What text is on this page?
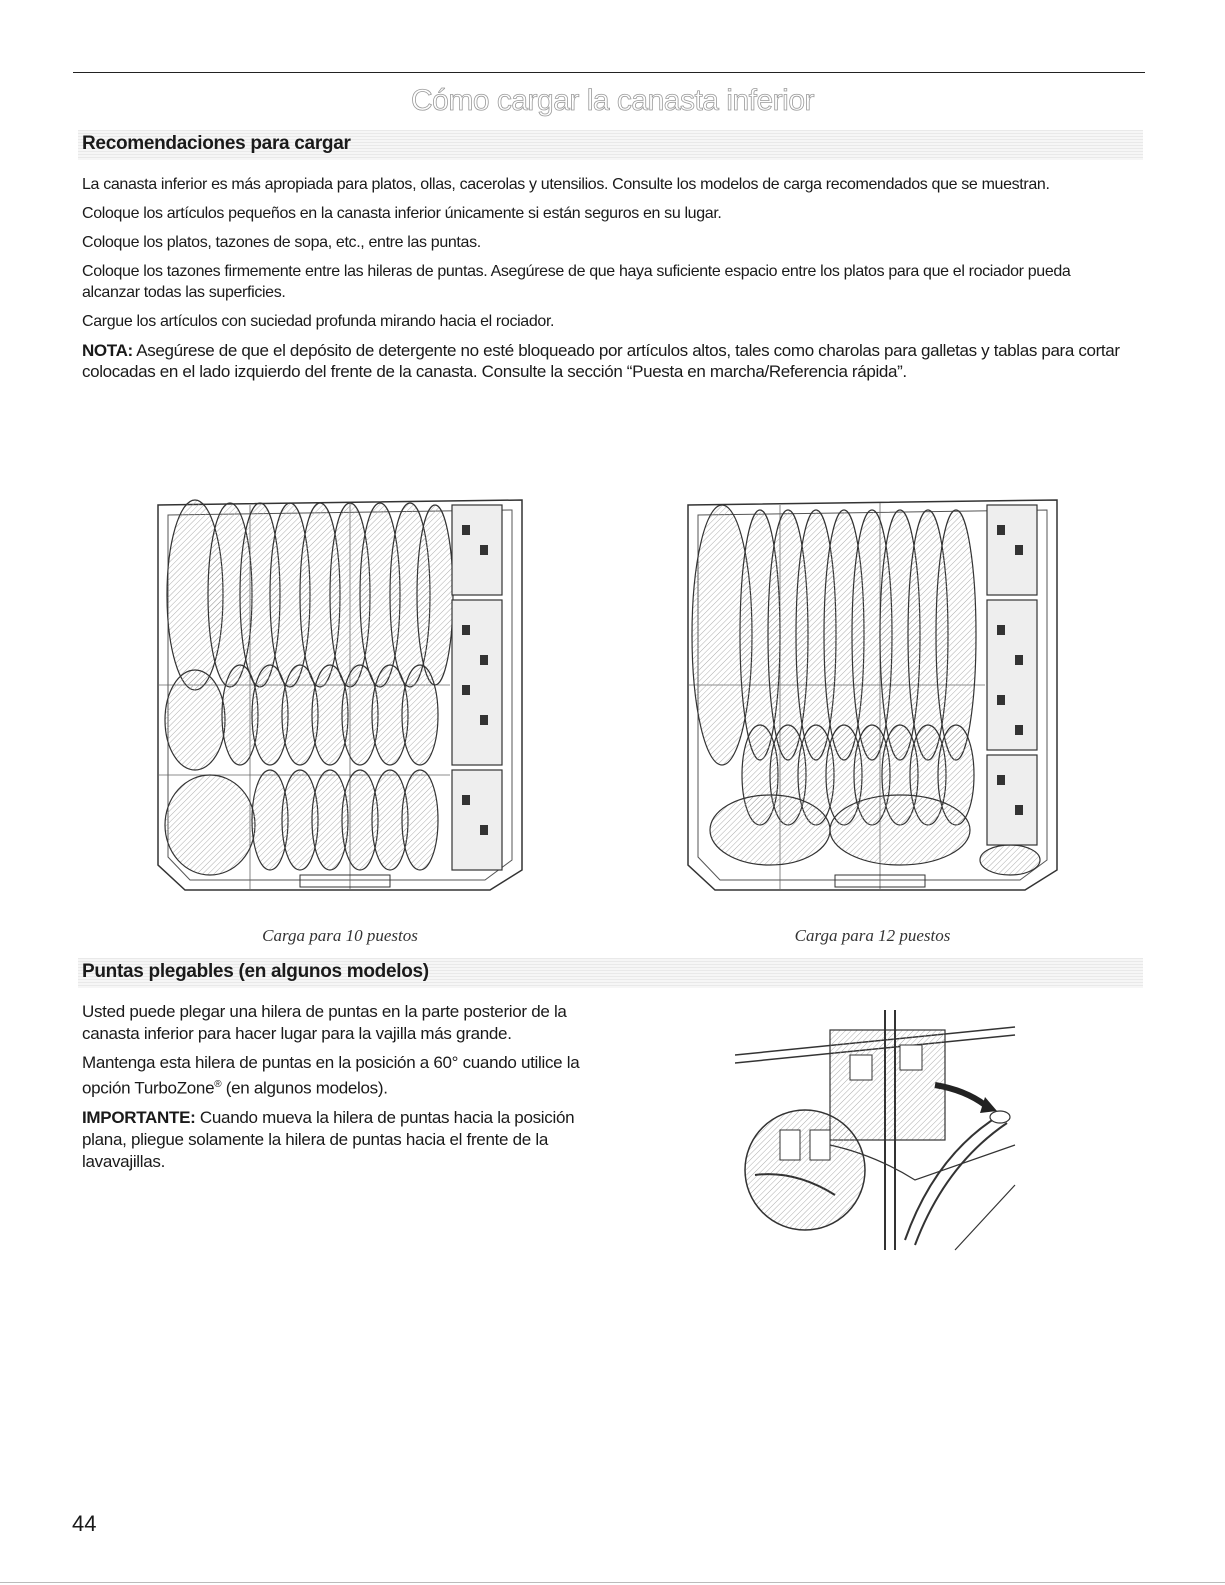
Cómo cargar la canasta inferior
Recomendaciones para cargar

La canasta inferior es más apropiada para platos, ollas, cacerolas y utensilios. Consulte los modelos de carga recomendados que se muestran.

Coloque los artículos pequeños en la canasta inferior únicamente si están seguros en su lugar.

Coloque los platos, tazones de sopa, etc., entre las puntas.

Coloque los tazones firmemente entre las hileras de puntas. Asegúrese de que haya suficiente espacio entre los platos para que el rociador pueda alcanzar todas las superficies.

Cargue los artículos con suciedad profunda mirando hacia el rociador.

NOTA: Asegúrese de que el depósito de detergente no esté bloqueado por artículos altos, tales como charolas para galletas y tablas para cortar colocadas en el lado izquierdo del frente de la canasta. Consulte la sección “Puesta en marcha/Referencia rápida”.

Carga para 10 puestos	Carga para 12 puestos
Puntas plegables (en algunos modelos)

Usted puede plegar una hilera de puntas en la parte posterior de la canasta inferior para hacer lugar para la vajilla más grande.

Mantenga esta hilera de puntas en la posición a 60° cuando utilice la opción TurboZone® (en algunos modelos).

IMPORTANTE: Cuando mueva la hilera de puntas hacia la posición plana, pliegue solamente la hilera de puntas hacia el frente de la lavavajillas.

44
